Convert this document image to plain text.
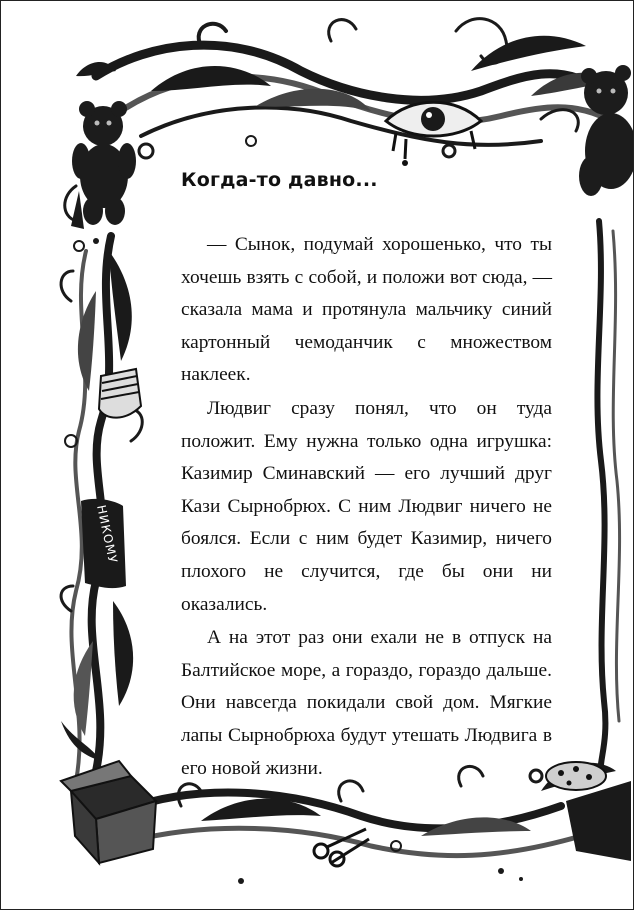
НИКОМУ
Когда-то давно...

— Сынок, подумай хорошенько, что ты хочешь взять с собой, и положи вот сюда, — сказала мама и протянула мальчику синий картонный чемоданчик с множеством наклеек.

Людвиг сразу понял, что он туда положит. Ему нужна только одна игрушка: Казимир Сминавский — его лучший друг Кази Сырнобрюх. С ним Людвиг ничего не боялся. Если с ним будет Казимир, ничего плохого не случится, где бы они ни оказались.

А на этот раз они ехали не в отпуск на Балтийское море, а гораздо, гораздо дальше. Они навсегда покидали свой дом. Мягкие лапы Сырнобрюха будут утешать Людвига в его новой жизни.
